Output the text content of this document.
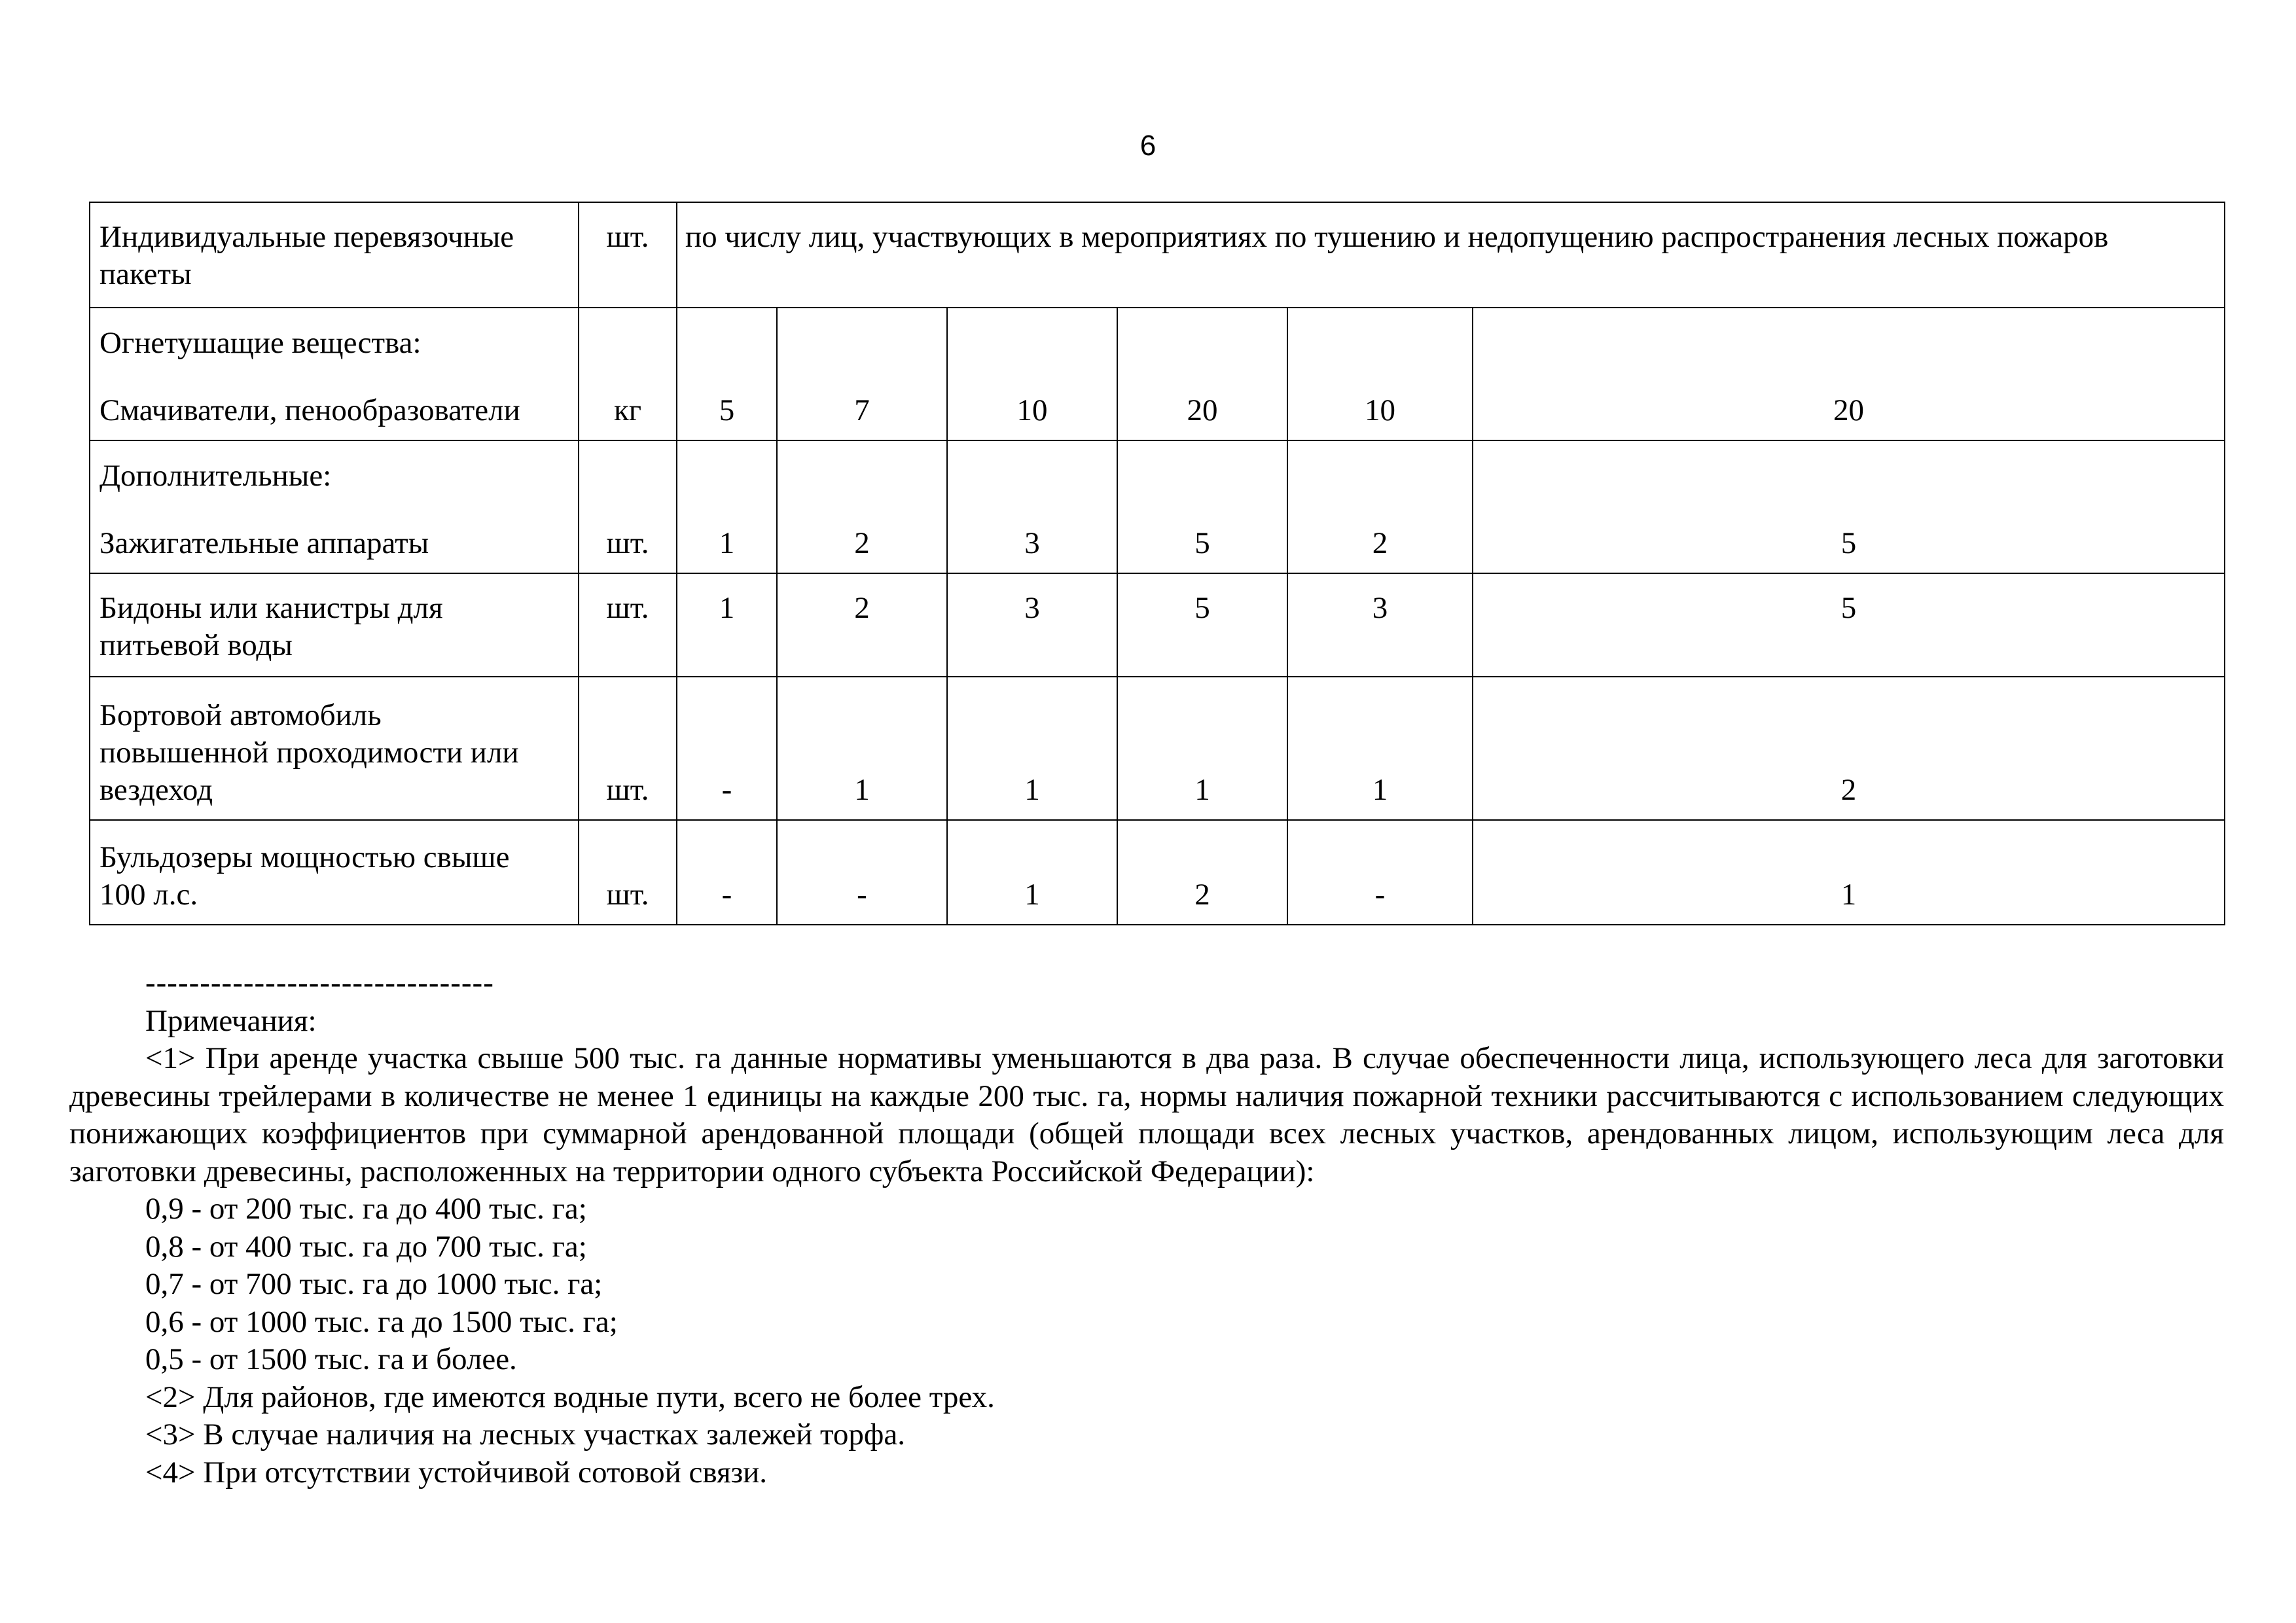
6
Индивидуальные перевязочные
пакеты	шт.	по числу лиц, участвующих в мероприятиях по тушению и недопущению распространения лесных пожаров					

Огнетушащие вещества:
Смачиватели, пенообразователи	кг	5	7	10	20	10	20

Дополнительные:
Зажигательные аппараты	шт.	1	2	3	5	2	5

Бидоны или канистры для
питьевой воды	шт.	1	2	3	5	3	5

Бортовой автомобиль
повышенной проходимости или
вездеход	шт.	-	1	1	1	1	2

Бульдозеры мощностью свыше
100 л.с.	шт.	-	-	1	2	-	1
--------------------------------
Примечания:
<1> При аренде участка свыше 500 тыс. га данные нормативы уменьшаются в два раза. В случае обеспеченности лица, использующего леса для заготовки древесины трейлерами в количестве не менее 1 единицы на каждые 200 тыс. га, нормы наличия пожарной техники рассчитываются с использованием следующих понижающих коэффициентов при суммарной арендованной площади (общей площади всех лесных участков, арендованных лицом, использующим леса для заготовки древесины, расположенных на территории одного субъекта Российской Федерации):
0,9 - от 200 тыс. га до 400 тыс. га;
0,8 - от 400 тыс. га до 700 тыс. га;
0,7 - от 700 тыс. га до 1000 тыс. га;
0,6 - от 1000 тыс. га до 1500 тыс. га;
0,5 - от 1500 тыс. га и более.
<2> Для районов, где имеются водные пути, всего не более трех.
<3> В случае наличия на лесных участках залежей торфа.
<4> При отсутствии устойчивой сотовой связи.
